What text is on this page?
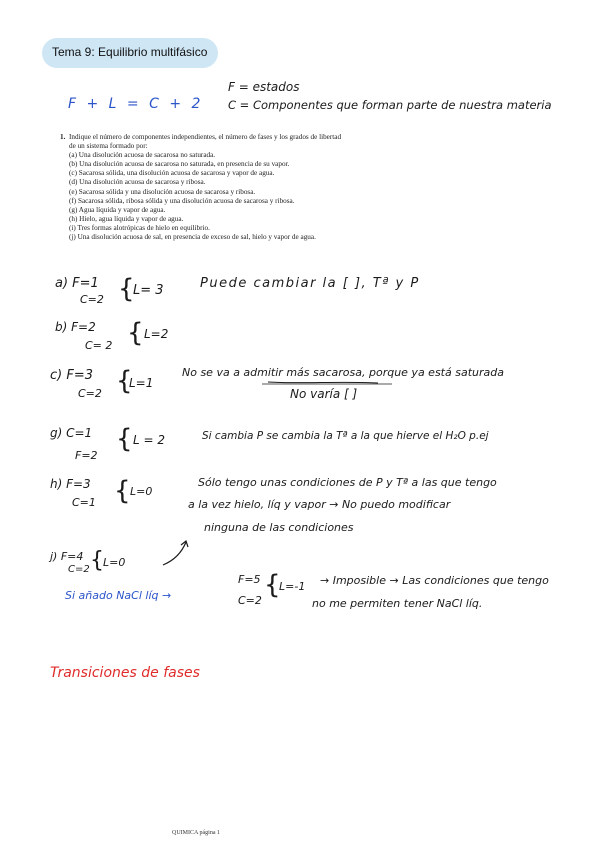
Tema 9: Equilibrio multifásico
F = estados
F + L = C + 2 C = Componentes que forman parte de nuestra materia
1. Indique el número de componentes independientes, el número de fases y los grados de libertad
de un sistema formado por:
(a) Una disolución acuosa de sacarosa no saturada.
(b) Una disolución acuosa de sacarosa no saturada, en presencia de su vapor.
(c) Sacarosa sólida, una disolución acuosa de sacarosa y vapor de agua.
(d) Una disolución acuosa de sacarosa y ribosa.
(e) Sacarosa sólida y una disolución acuosa de sacarosa y ribosa.
(f) Sacarosa sólida, ribosa sólida y una disolución acuosa de sacarosa y ribosa.
(g) Agua líquida y vapor de agua.
(h) Hielo, agua líquida y vapor de agua.
(i) Tres formas alotrópicas de hielo en equilibrio.
(j) Una disolución acuosa de sal, en presencia de exceso de sal, hielo y vapor de agua.
a) F=1
C=2 {
L= 3	Puede cambiar la [ ], Tª y P
b) F=2
C= 2 { L=2
c) F=3
C=2 {
L=1
No se va a admitir más sacarosa, porque ya está saturada
No varía [ ]
g) C=1
F=2
{ L = 2	Si cambia P se cambia la Tª a la que hierve el H₂O p.ej
h) F=3
C=1 { L=0
Sólo tengo unas condiciones de P y Tª a las que tengo
a la vez hielo, líq y vapor → No puedo modificar
ninguna de las condiciones
j) F=4
C=2 { L=0
Si añado NaCl líq →
F=5
C=2
{
L=-1 → Imposible → Las condiciones que tengo
no me permiten tener NaCl líq.
Transiciones de fases
QUIMICA página 1
